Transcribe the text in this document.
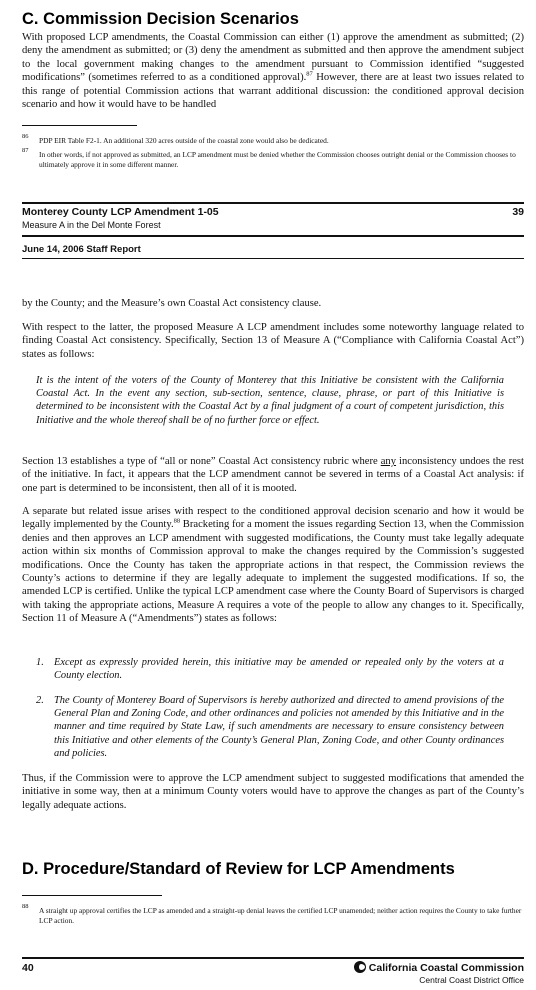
C. Commission Decision Scenarios

With proposed LCP amendments, the Coastal Commission can either (1) approve the amendment as submitted; (2) deny the amendment as submitted; or (3) deny the amendment as submitted and then approve the amendment subject to the local government making changes to the amendment pursuant to Commission identified “suggested modifications” (sometimes referred to as a conditioned approval).$^{87}$ However, there are at least two issues related to this range of potential Commission actions that warrant additional discussion: the conditioned approval decision scenario and how it would have to be handled

86	PDP EIR Table F2-1. An additional 320 acres outside of the coastal zone would also be dedicated.
87	In other words, if not approved as submitted, an LCP amendment must be denied whether the Commission chooses outright denial or the Commission chooses to ultimately approve it in some different manner.
Monterey County LCP Amendment 1-05	39
Measure A in the Del Monte Forest
June 14, 2006 Staff Report

by the County; and the Measure’s own Coastal Act consistency clause.

With respect to the latter, the proposed Measure A LCP amendment includes some noteworthy language related to finding Coastal Act consistency. Specifically, Section 13 of Measure A (“Compliance with California Coastal Act”) states as follows:

It is the intent of the voters of the County of Monterey that this Initiative be consistent with the California Coastal Act. In the event any section, sub-section, sentence, clause, phrase, or part of this Initiative is determined to be inconsistent with the Coastal Act by a final judgment of a court of competent jurisdiction, this Initiative and the whole thereof shall be of no further force or effect.

Section 13 establishes a type of “all or none” Coastal Act consistency rubric where any inconsistency undoes the rest of the initiative. In fact, it appears that the LCP amendment cannot be severed in terms of a Coastal Act analysis: if one part is determined to be inconsistent, then all of it is mooted.

A separate but related issue arises with respect to the conditioned approval decision scenario and how it would be legally implemented by the County.$^{88}$ Bracketing for a moment the issues regarding Section 13, when the Commission denies and then approves an LCP amendment with suggested modifications, the County must take legally adequate action within six months of Commission approval to make the changes required by the Commission’s suggested modifications. Once the County has taken the appropriate actions in that respect, the Commission reviews the County’s actions to determine if they are legally adequate to implement the suggested modifications. If so, the amended LCP is certified. Unlike the typical LCP amendment case where the County Board of Supervisors is charged with taking the appropriate actions, Measure A requires a vote of the people to allow any changes to it. Specifically, Section 11 of Measure A (“Amendments”) states as follows:

1. Except as expressly provided herein, this initiative may be amended or repealed only by the voters at a County election.
2. The County of Monterey Board of Supervisors is hereby authorized and directed to amend provisions of the General Plan and Zoning Code, and other ordinances and policies not amended by this Initiative and in the manner and time required by State Law, if such amendments are necessary to ensure consistency between this Initiative and other elements of the County’s General Plan, Zoning Code, and other County ordinances and policies.

Thus, if the Commission were to approve the LCP amendment subject to suggested modifications that amended the initiative in some way, then at a minimum County voters would have to approve the changes as part of the County’s legally adequate actions.

D. Procedure/Standard of Review for LCP Amendments
88	A straight up approval certifies the LCP as amended and a straight-up denial leaves the certified LCP unamended; neither action requires the County to take further LCP action.
40	California Coastal Commission
Central Coast District Office
